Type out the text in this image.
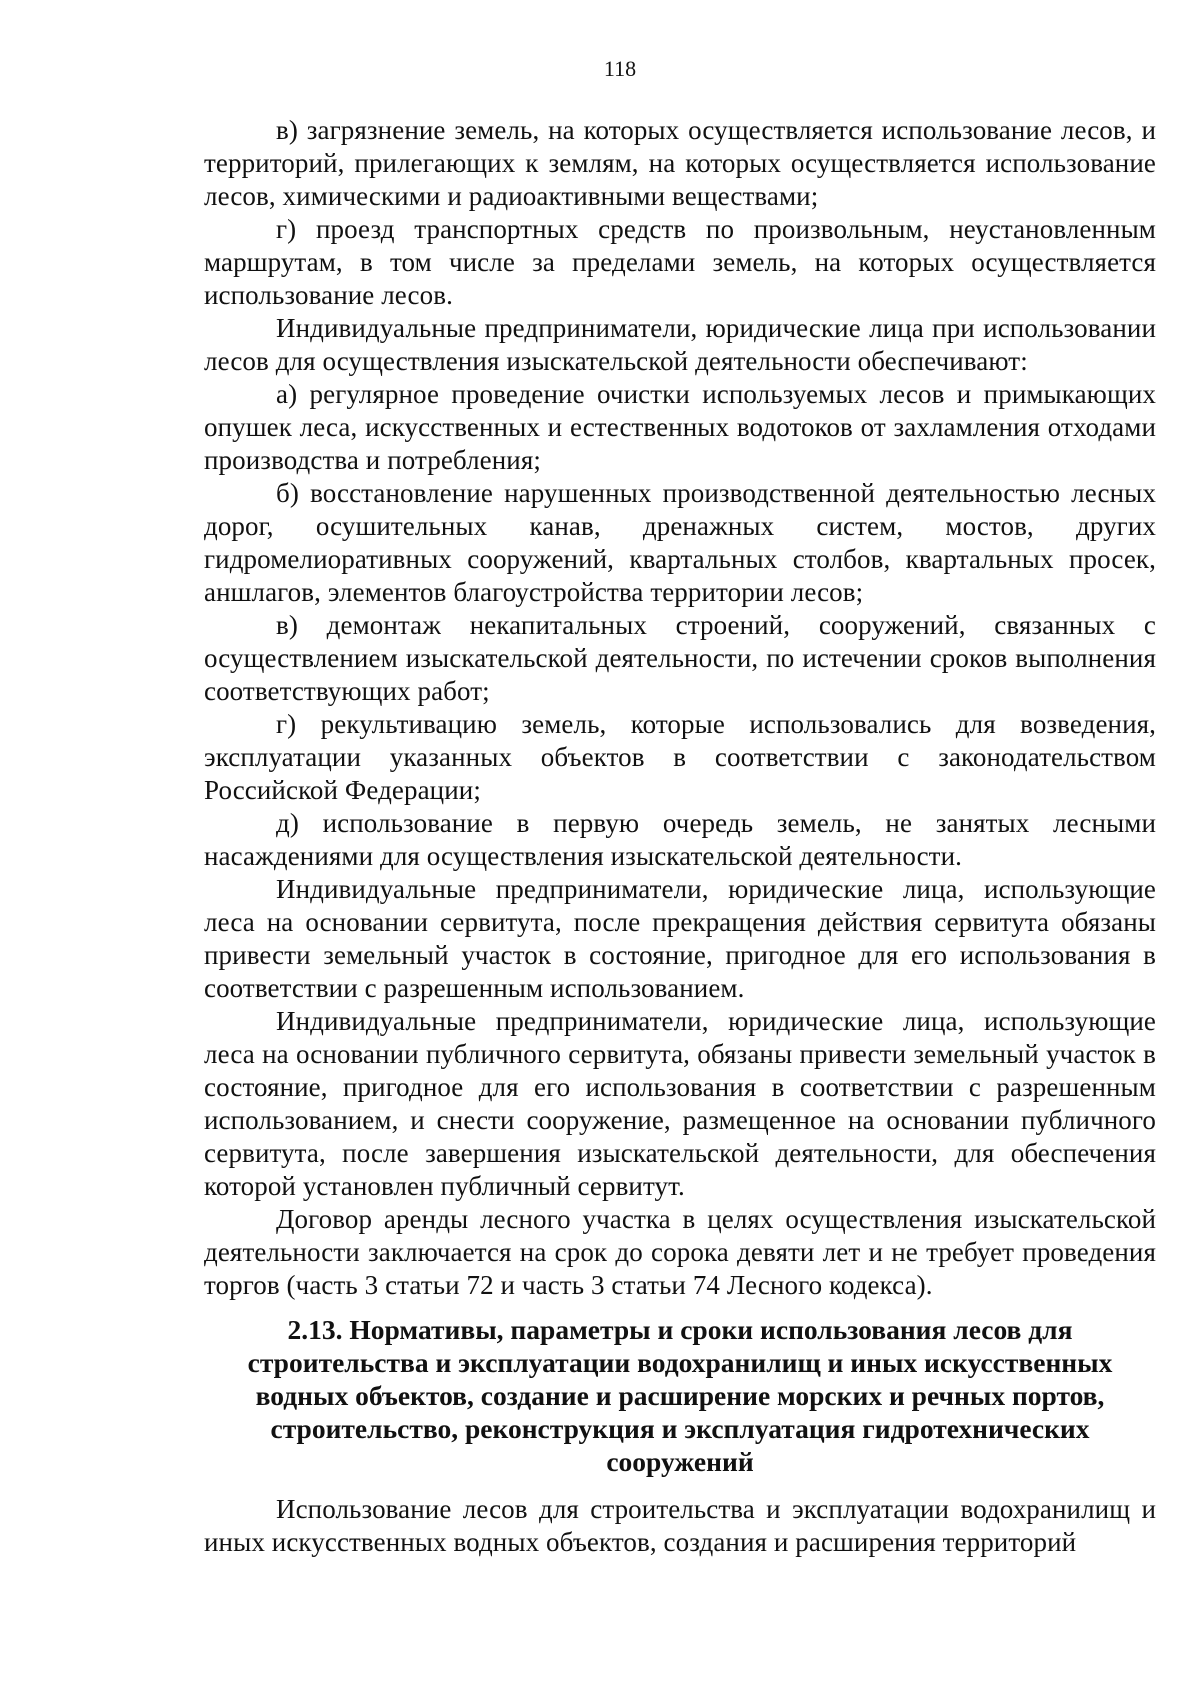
118

в) загрязнение земель, на которых осуществляется использование лесов, и территорий, прилегающих к землям, на которых осуществляется использование лесов, химическими и радиоактивными веществами;

г) проезд транспортных средств по произвольным, неустановленным маршрутам, в том числе за пределами земель, на которых осуществляется использование лесов.

Индивидуальные предприниматели, юридические лица при использовании лесов для осуществления изыскательской деятельности обеспечивают:

а) регулярное проведение очистки используемых лесов и примыкающих опушек леса, искусственных и естественных водотоков от захламления отходами производства и потребления;

б) восстановление нарушенных производственной деятельностью лесных дорог, осушительных канав, дренажных систем, мостов, других гидромелиоративных сооружений, квартальных столбов, квартальных просек, аншлагов, элементов благоустройства территории лесов;

в) демонтаж некапитальных строений, сооружений, связанных с осуществлением изыскательской деятельности, по истечении сроков выполнения соответствующих работ;

г) рекультивацию земель, которые использовались для возведения, эксплуатации указанных объектов в соответствии с законодательством Российской Федерации;

д) использование в первую очередь земель, не занятых лесными насаждениями для осуществления изыскательской деятельности.

Индивидуальные предприниматели, юридические лица, использующие леса на основании сервитута, после прекращения действия сервитута обязаны привести земельный участок в состояние, пригодное для его использования в соответствии с разрешенным использованием.

Индивидуальные предприниматели, юридические лица, использующие леса на основании публичного сервитута, обязаны привести земельный участок в состояние, пригодное для его использования в соответствии с разрешенным использованием, и снести сооружение, размещенное на основании публичного сервитута, после завершения изыскательской деятельности, для обеспечения которой установлен публичный сервитут.

Договор аренды лесного участка в целях осуществления изыскательской деятельности заключается на срок до сорока девяти лет и не требует проведения торгов (часть 3 статьи 72 и часть 3 статьи 74 Лесного кодекса).

2.13. Нормативы, параметры и сроки использования лесов для строительства и эксплуатации водохранилищ и иных искусственных водных объектов, создание и расширение морских и речных портов, строительство, реконструкция и эксплуатация гидротехнических сооружений

Использование лесов для строительства и эксплуатации водохранилищ и иных искусственных водных объектов, создания и расширения территорий
